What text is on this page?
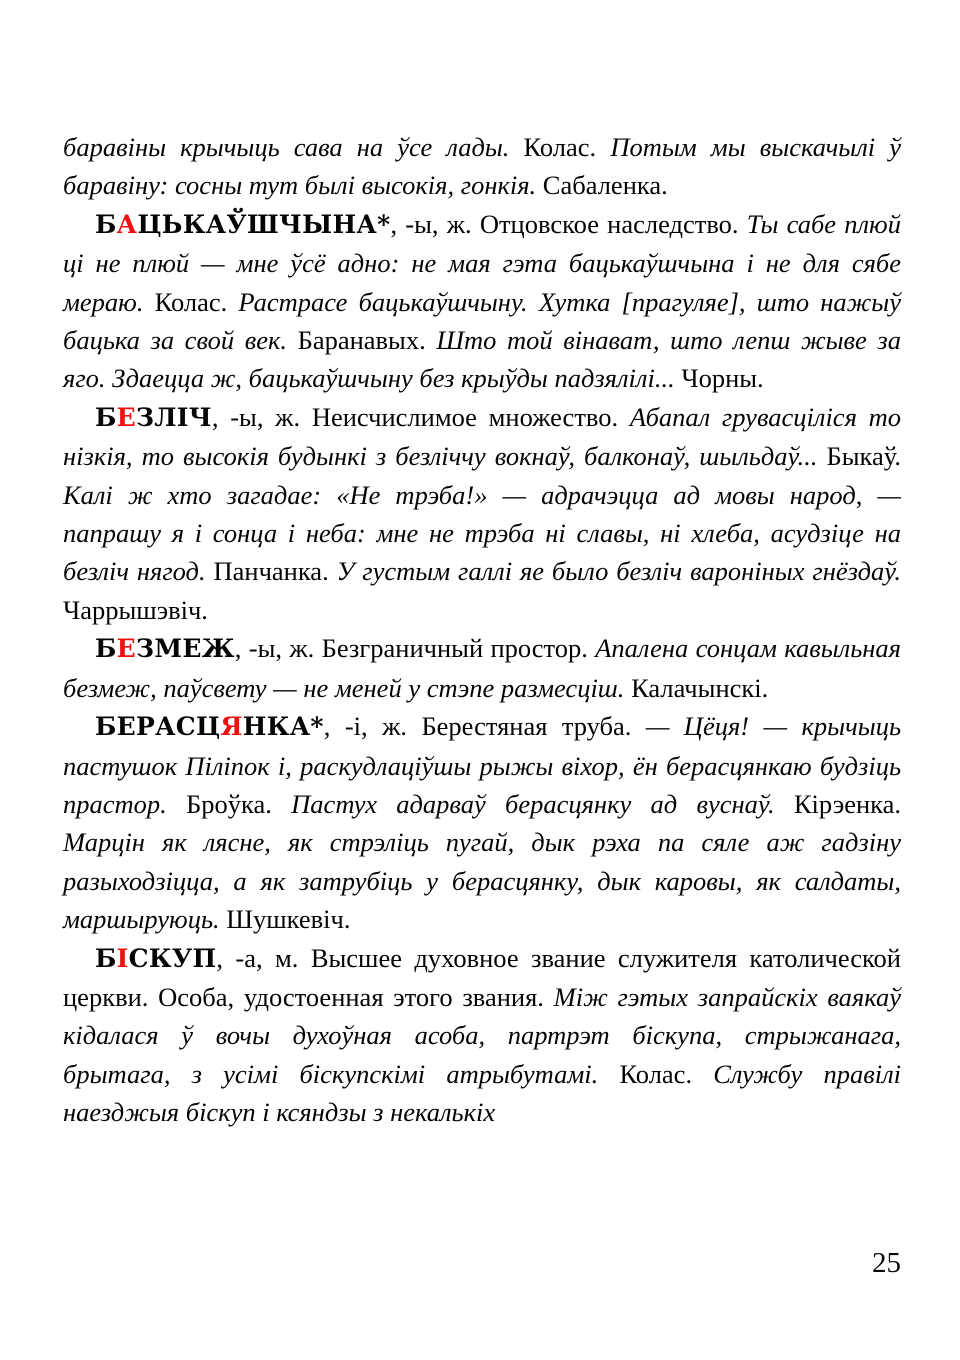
баравіны крычыць сава на ўсе лады. Колас. Потым мы выскачылі ў баравіну: сосны тут былі высокія, гонкія. Сабаленка.

БАЦЬКАЎШЧЫНА*, -ы, ж. Отцовское наследство. Ты сабе плюй ці не плюй — мне ўсё адно: не мая гэта бацькаўшчына і не для сябе мераю. Колас. Растрасе бацькаўшчыну. Хутка [прагуляе], што нажыў бацька за свой век. Баранавых. Што той вінават, што лепш жыве за яго. Здаецца ж, бацькаўшчыну без крыўды падзялілі... Чорны.

БЕЗЛІЧ, -ы, ж. Неисчислимое множество. Абапал грувасціліся то нізкія, то высокія будынкі з безліччу вокнаў, балконаў, шыльдаў... Быкаў. Калі ж хто загадае: «Не трэба!» — адрачэцца ад мовы народ, — папрашу я і сонца і неба: мне не трэба ні славы, ні хлеба, асудзіце на безліч нягод. Панчанка. У густым галлі яе было безліч вароніных гнёздаў. Чаррышэвіч.

БЕЗМЕЖ, -ы, ж. Безграничный простор. Апалена сонцам кавыльная безмеж, паўсвету — не меней у стэпе размесціш. Калачынскі.

БЕРАСЦЯНКА*, -і, ж. Берестяная труба. — Цёця! — крычыць пастушок Піліпок і, раскудлаціўшы рыжы віхор, ён берасцянкаю будзіць прастор. Броўка. Пастух адарваў берасцянку ад вуснаў. Кірэенка. Марцін як лясне, як стрэліць пугай, дык рэха па сяле аж гадзіну разыходзіцца, а як затрубіць у берасцянку, дык каровы, як салдаты, маршыруюць. Шушкевіч.

БІСКУП, -а, м. Высшее духовное звание служителя католической церкви. Особа, удостоенная этого звания. Між гэтых запрайскіх ваякаў кідалася ў вочы духоўная асоба, партрэт біскупа, стрыжанага, брытага, з усімі біскупскімі атрыбутамі. Колас. Службу правілі наезджыя біскуп і ксяндзы з некалькіх

25
